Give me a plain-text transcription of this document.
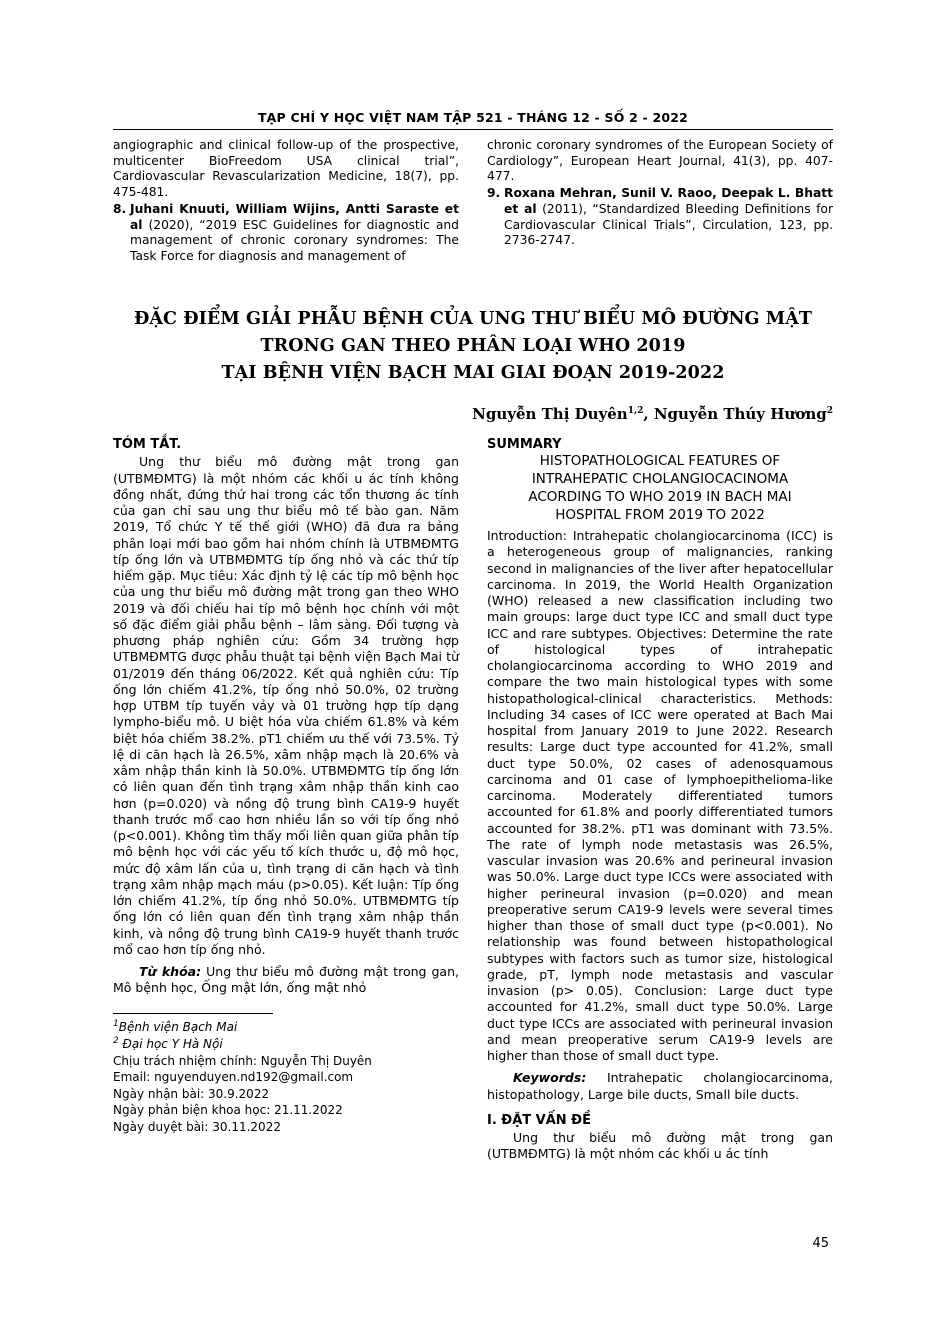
TẠP CHÍ Y HỌC VIỆT NAM TẬP 521 - THÁNG 12 - SỐ 2 - 2022
angiographic and clinical follow-up of the prospective, multicenter BioFreedom USA clinical trial”, Cardiovascular Revascularization Medicine, 18(7), pp. 475-481.
8. Juhani Knuuti, William Wijins, Antti Saraste et al (2020), “2019 ESC Guidelines for diagnostic and management of chronic coronary syndromes: The Task Force for diagnosis and management of
chronic coronary syndromes of the European Society of Cardiology”, European Heart Journal, 41(3), pp. 407-477.
9. Roxana Mehran, Sunil V. Raoo, Deepak L. Bhatt et al (2011), “Standardized Bleeding Definitions for Cardiovascular Clinical Trials”, Circulation, 123, pp. 2736-2747.
ĐẶC ĐIỂM GIẢI PHẪU BỆNH CỦA UNG THƯ BIỂU MÔ ĐƯỜNG MẬT
TRONG GAN THEO PHÂN LOẠI WHO 2019
TẠI BỆNH VIỆN BẠCH MAI GIAI ĐOẠN 2019-2022
Nguyễn Thị Duyên$^{1,2}$, Nguyễn Thúy Hương$^2$
TÓM TẮT.

Ung thư biểu mô đường mật trong gan (UTBMĐMTG) là một nhóm các khối u ác tính không đồng nhất, đứng thứ hai trong các tổn thương ác tính của gan chỉ sau ung thư biểu mô tế bào gan. Năm 2019, Tổ chức Y tế thế giới (WHO) đã đưa ra bảng phân loại mới bao gồm hai nhóm chính là UTBMĐMTG típ ống lớn và UTBMĐMTG típ ống nhỏ và các thứ típ hiếm gặp. Mục tiêu: Xác định tỷ lệ các típ mô bệnh học của ung thư biểu mô đường mật trong gan theo WHO 2019 và đối chiếu hai típ mô bệnh học chính với một số đặc điểm giải phẫu bệnh – lâm sàng. Đối tượng và phương pháp nghiên cứu: Gồm 34 trường hợp UTBMĐMTG được phẫu thuật tại bệnh viện Bạch Mai từ 01/2019 đến tháng 06/2022. Kết quả nghiên cứu: Típ ống lớn chiếm 41.2%, típ ống nhỏ 50.0%, 02 trường hợp UTBM típ tuyến vảy và 01 trường hợp típ dạng lympho-biểu mô. U biệt hóa vừa chiếm 61.8% và kém biệt hóa chiếm 38.2%. pT1 chiếm ưu thế với 73.5%. Tỷ lệ di căn hạch là 26.5%, xâm nhập mạch là 20.6% và xâm nhập thần kinh là 50.0%. UTBMĐMTG típ ống lớn có liên quan đến tình trạng xâm nhập thần kinh cao hơn (p=0.020) và nồng độ trung bình CA19-9 huyết thanh trước mổ cao hơn nhiều lần so với típ ống nhỏ (p<0.001). Không tìm thấy mối liên quan giữa phân típ mô bệnh học với các yếu tố kích thước u, độ mô học, mức độ xâm lấn của u, tình trạng di căn hạch và tình trạng xâm nhập mạch máu (p>0.05). Kết luận: Típ ống lớn chiếm 41.2%, típ ống nhỏ 50.0%. UTBMĐMTG típ ống lớn có liên quan đến tình trạng xâm nhập thần kinh, và nồng độ trung bình CA19-9 huyết thanh trước mổ cao hơn típ ống nhỏ.

Từ khóa: Ung thư biểu mô đường mật trong gan, Mô bệnh học, Ống mật lớn, ống mật nhỏ
$^1$Bệnh viện Bạch Mai
$^2$ Đại học Y Hà Nội
Chịu trách nhiệm chính: Nguyễn Thị Duyên
Email: nguyenduyen.nd192@gmail.com
Ngày nhận bài: 30.9.2022
Ngày phản biện khoa học: 21.11.2022
Ngày duyệt bài: 30.11.2022
SUMMARY
HISTOPATHOLOGICAL FEATURES OF
INTRAHEPATIC CHOLANGIOCACINOMA
ACORDING TO WHO 2019 IN BACH MAI
HOSPITAL FROM 2019 TO 2022

Introduction: Intrahepatic cholangiocarcinoma (ICC) is a heterogeneous group of malignancies, ranking second in malignancies of the liver after hepatocellular carcinoma. In 2019, the World Health Organization (WHO) released a new classification including two main groups: large duct type ICC and small duct type ICC and rare subtypes. Objectives: Determine the rate of histological types of intrahepatic cholangiocarcinoma according to WHO 2019 and compare the two main histological types with some histopathological-clinical characteristics. Methods: Including 34 cases of ICC were operated at Bach Mai hospital from January 2019 to June 2022. Research results: Large duct type accounted for 41.2%, small duct type 50.0%, 02 cases of adenosquamous carcinoma and 01 case of lymphoepithelioma-like carcinoma. Moderately differentiated tumors accounted for 61.8% and poorly differentiated tumors accounted for 38.2%. pT1 was dominant with 73.5%. The rate of lymph node metastasis was 26.5%, vascular invasion was 20.6% and perineural invasion was 50.0%. Large duct type ICCs were associated with higher perineural invasion (p=0.020) and mean preoperative serum CA19-9 levels were several times higher than those of small duct type (p<0.001). No relationship was found between histopathological subtypes with factors such as tumor size, histological grade, pT, lymph node metastasis and vascular invasion (p> 0.05). Conclusion: Large duct type accounted for 41.2%, small duct type 50.0%. Large duct type ICCs are associated with perineural invasion and mean preoperative serum CA19-9 levels are higher than those of small duct type.

Keywords: Intrahepatic cholangiocarcinoma, histopathology, Large bile ducts, Small bile ducts.
I. ĐẶT VẤN ĐỀ
Ung thư biểu mô đường mật trong gan (UTBMĐMTG) là một nhóm các khối u ác tính
45
